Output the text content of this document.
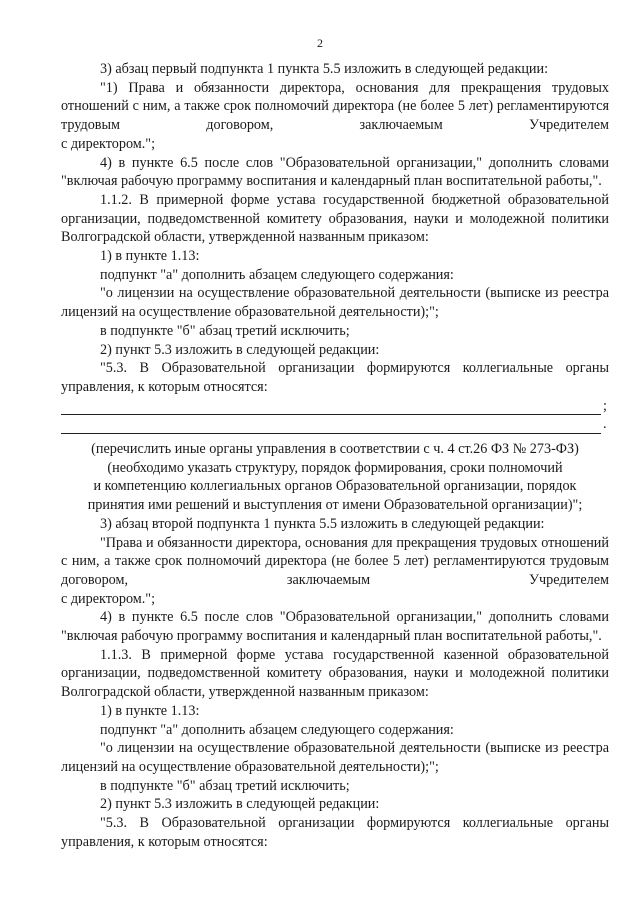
2

3) абзац первый подпункта 1 пункта 5.5 изложить в следующей редакции:

"1) Права и обязанности директора, основания для прекращения трудовых отношений с ним, а также срок полномочий директора (не более 5 лет) регламентируются трудовым договором, заключаемым Учредителем

с директором.";

4) в пункте 6.5 после слов "Образовательной организации," дополнить словами "включая рабочую программу воспитания и календарный план воспитательной работы,".

1.1.2. В примерной форме устава государственной бюджетной образовательной организации, подведомственной комитету образования, науки и молодежной политики Волгоградской области, утвержденной названным приказом:

1) в пункте 1.13:

подпункт "а" дополнить абзацем следующего содержания:

"о лицензии на осуществление образовательной деятельности (выписке из реестра лицензий на осуществление образовательной деятельности);";

в подпункте "б" абзац третий исключить;

2) пункт 5.3 изложить в следующей редакции:

"5.3. В Образовательной организации формируются коллегиальные органы управления, к которым относятся:

;
.

(перечислить иные органы управления в соответствии с ч. 4 ст.26 ФЗ № 273-ФЗ)

(необходимо указать структуру, порядок формирования, сроки полномочий

и компетенцию коллегиальных органов Образовательной организации, порядок

принятия ими решений и выступления от имени Образовательной организации)";

3) абзац второй подпункта 1 пункта 5.5 изложить в следующей редакции:

"Права и обязанности директора, основания для прекращения трудовых отношений с ним, а также срок полномочий директора (не более 5 лет) регламентируются трудовым договором, заключаемым Учредителем

с директором.";

4) в пункте 6.5 после слов "Образовательной организации," дополнить словами "включая рабочую программу воспитания и календарный план воспитательной работы,".

1.1.3. В примерной форме устава государственной казенной образовательной организации, подведомственной комитету образования, науки и молодежной политики Волгоградской области, утвержденной названным приказом:

1) в пункте 1.13:

подпункт "а" дополнить абзацем следующего содержания:

"о лицензии на осуществление образовательной деятельности (выписке из реестра лицензий на осуществление образовательной деятельности);";

в подпункте "б" абзац третий исключить;

2) пункт 5.3 изложить в следующей редакции:

"5.3. В Образовательной организации формируются коллегиальные органы управления, к которым относятся:
